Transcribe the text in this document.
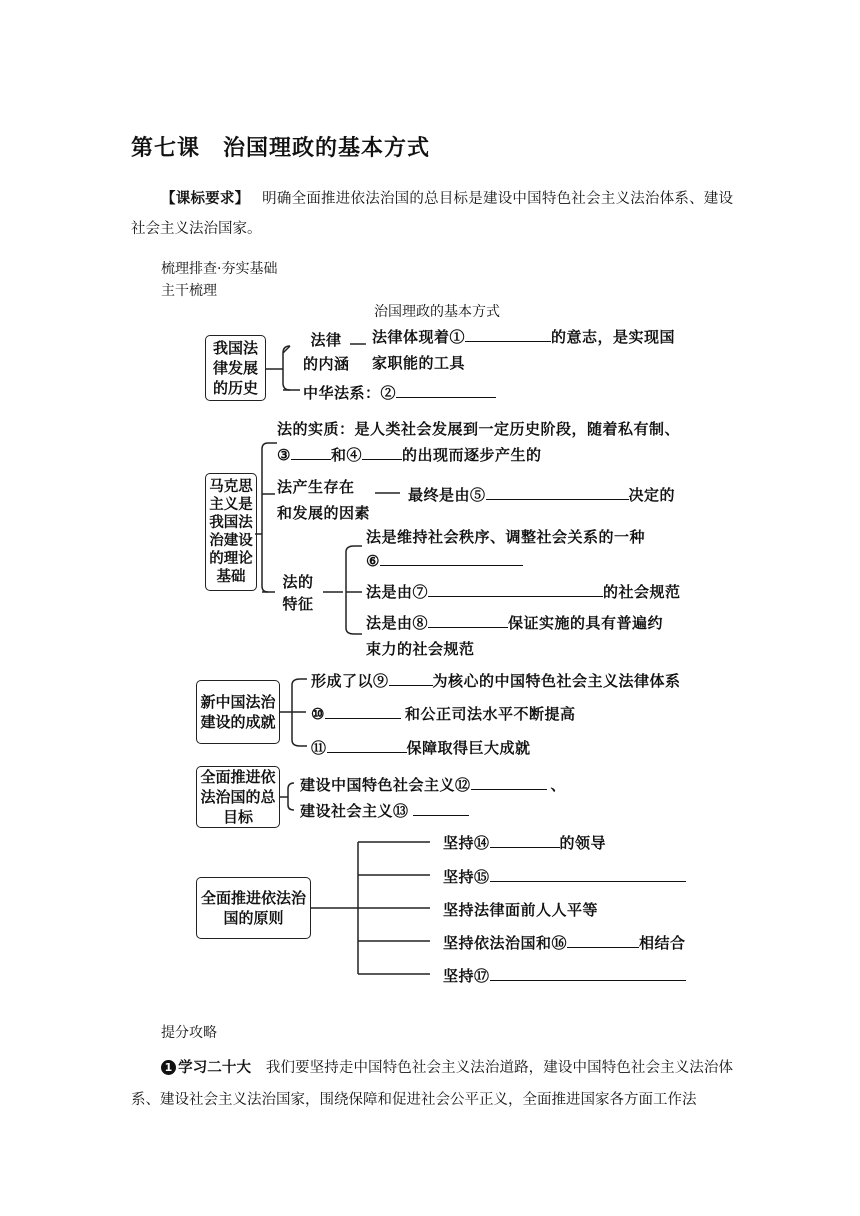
第七课　治国理政的基本方式
【课标要求】 明确全面推进依法治国的总目标是建设中国特色社会主义法治体系、建设社会主义法治国家。
梳理排查·夯实基础
主干梳理
治国理政的基本方式
我国法律发展的历史
法律
的内涵
法律体现着①	的意志，是实现国
家职能的工具
中华法系：②
马克思主义是我国法治建设的理论基础
法的实质：是人类社会发展到一定历史阶段，随着私有制、
③	和④	的出现而逐步产生的
法产生存在
和发展的因素
最终是由⑤	决定的
法的
特征
法是维持社会秩序、调整社会关系的一种
⑥
法是由⑦	的社会规范
法是由⑧	保证实施的具有普遍约
束力的社会规范
新中国法治建设的成就
形成了以⑨	为核心的中国特色社会主义法律体系
⑩	和公正司法水平不断提高
⑪	保障取得巨大成就
全面推进依法治国的总目标
建设中国特色社会主义⑫	、
建设社会主义⑬
全面推进依法治国的原则
坚持⑭	的领导
坚持⑮
坚持法律面前人人平等
坚持依法治国和⑯	相结合
坚持⑰
提分攻略
1 学习二十大 我们要坚持走中国特色社会主义法治道路，建设中国特色社会主义法治体系、建设社会主义法治国家，围绕保障和促进社会公平正义，全面推进国家各方面工作法
